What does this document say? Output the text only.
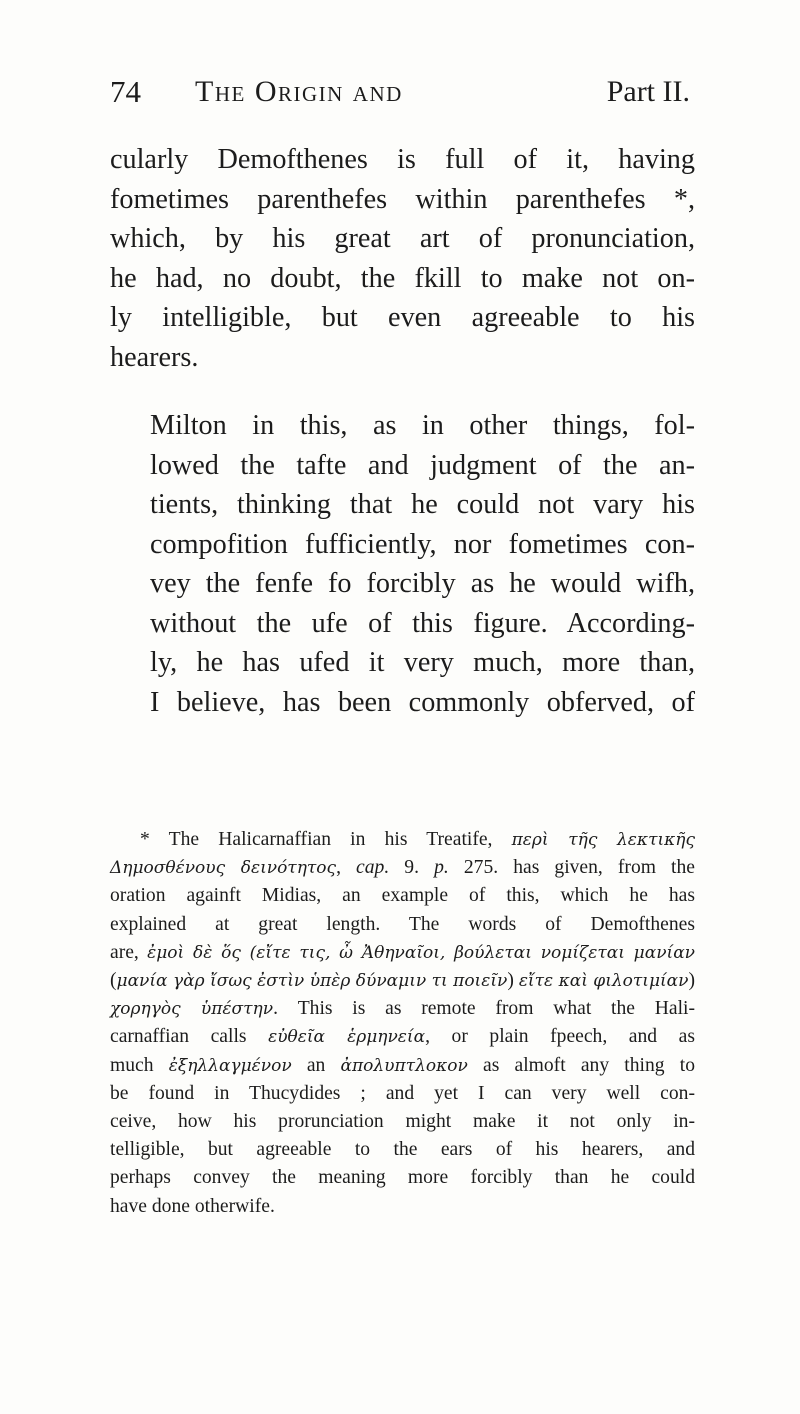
74 The Origin and	Part II.

cularly Demofthenes is full of it, having
fometimes parenthefes within parenthefes *,
which, by his great art of pronunciation,
he had, no doubt, the fkill to make not on-
ly intelligible, but even agreeable to his
hearers.

Milton in this, as in other things, fol-
lowed the tafte and judgment of the an-
tients, thinking that he could not vary his
compofition fufficiently, nor fometimes con-
vey the fenfe fo forcibly as he would wifh,
without the ufe of this figure. According-
ly, he has ufed it very much, more than,
I believe, has been commonly obferved, of

* The Halicarnaffian in his Treatife, περὶ τῆς λεκτικῆς
Δημοσθένους δεινότητος, cap. 9. p. 275. has given, from the
oration againft Midias, an example of this, which he has
explained at great length. The words of Demofthenes
are, ἐμοὶ δὲ ὅς (εἴτε τις, ὦ Ἀθηναῖοι, βούλεται νομίζεται μανίαν
(μανία γὰρ ἴσως ἐστὶν ὑπὲρ δύναμιν τι ποιεῖν) εἴτε καὶ φιλοτιμίαν)
χορηγὸς ὑπέστην. This is as remote from what the Hali-
carnaffian calls εὐθεῖα ἑρμηνεία, or plain fpeech, and as
much ἐξηλλαγμένον an ἀπολυπτλοκον as almoft any thing to
be found in Thucydides ; and yet I can very well con-
ceive, how his prorunciation might make it not only in-
telligible, but agreeable to the ears of his hearers, and
perhaps convey the meaning more forcibly than he could
have done otherwife.
